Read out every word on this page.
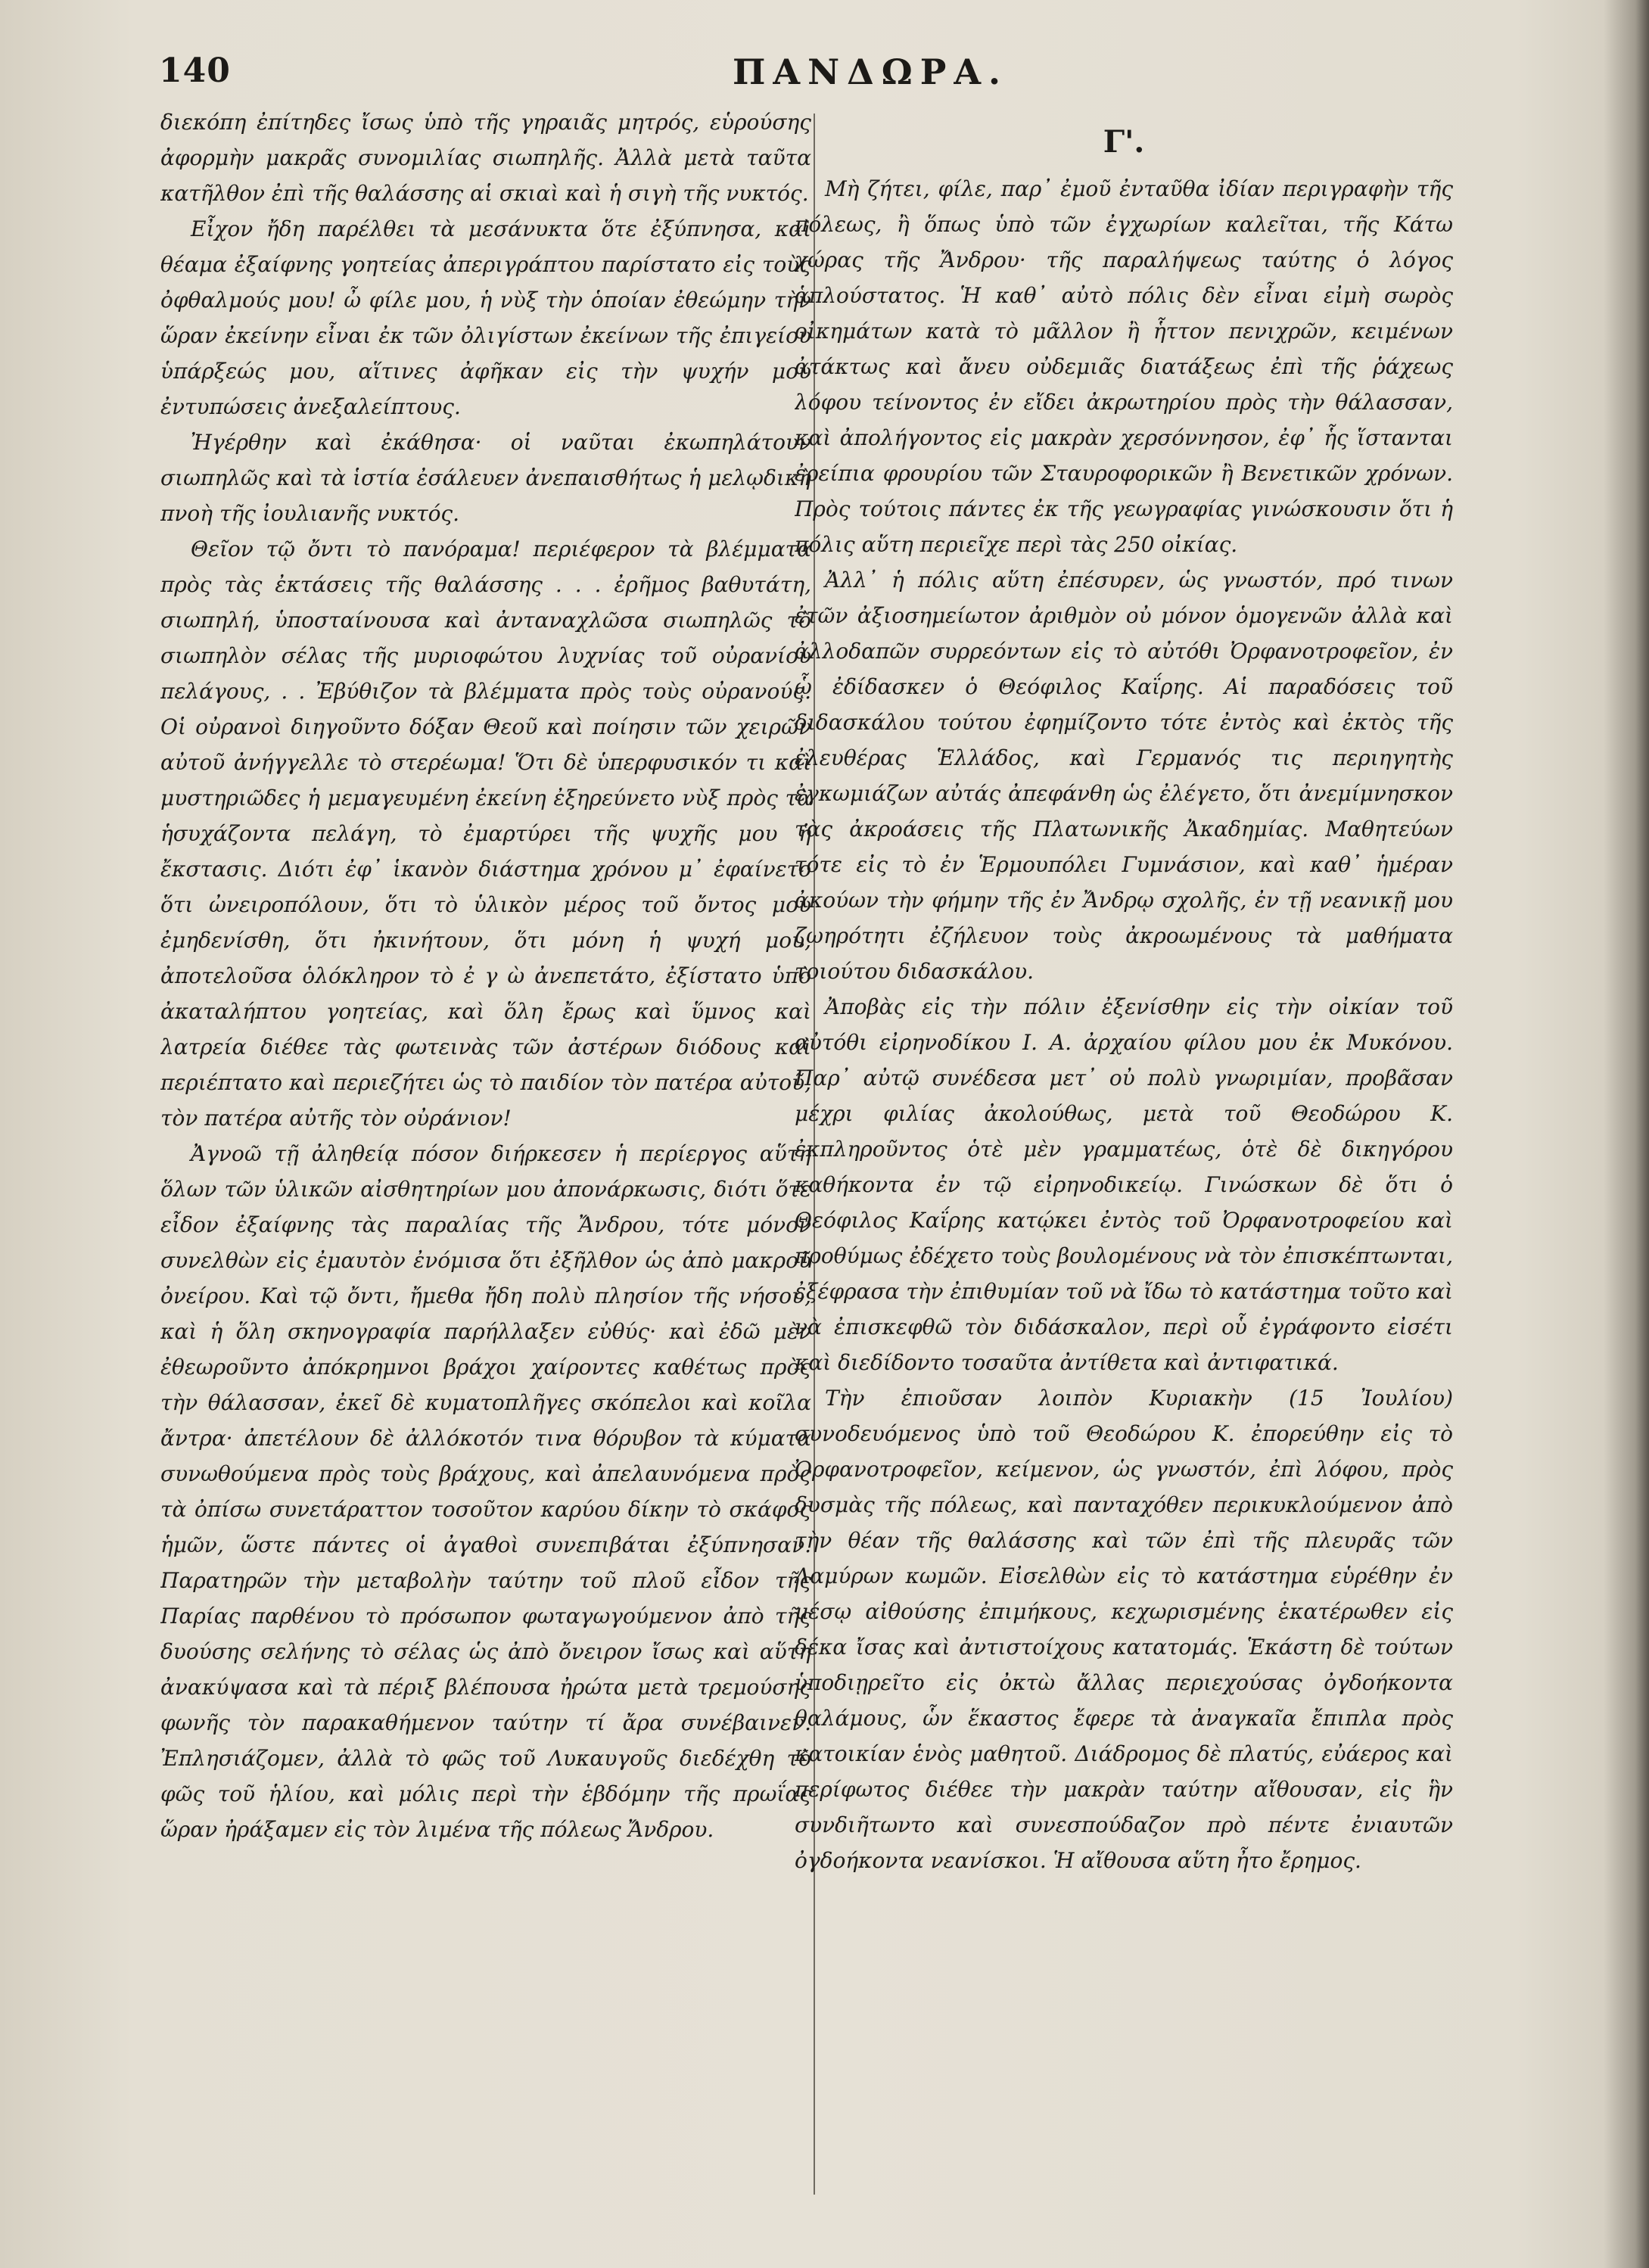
140	ΠΑΝΔΩΡΑ.

διεκόπη ἐπίτηδες ἴσως ὑπὸ τῆς γηραιᾶς μητρός, εὑρούσης ἀφορμὴν μακρᾶς συνομιλίας σιωπηλῆς. Ἀλλὰ μετὰ ταῦτα κατῆλθον ἐπὶ τῆς θαλάσσης αἱ σκιαὶ καὶ ἡ σιγὴ τῆς νυκτός.

Εἶχον ἤδη παρέλθει τὰ μεσάνυκτα ὅτε ἐξύπνησα, καὶ θέαμα ἐξαίφνης γοητείας ἀπεριγράπτου παρίστατο εἰς τοὺς ὀφθαλμούς μου! ὦ φίλε μου, ἡ νὺξ τὴν ὁποίαν ἐθεώμην τὴν ὥραν ἐκείνην εἶναι ἐκ τῶν ὀλιγίστων ἐκείνων τῆς ἐπιγείου ὑπάρξεώς μου, αἵτινες ἀφῆκαν εἰς τὴν ψυχήν μου ἐντυπώσεις ἀνεξαλείπτους.

Ἠγέρθην καὶ ἐκάθησα· οἱ ναῦται ἐκωπηλάτουν σιωπηλῶς καὶ τὰ ἱστία ἐσάλευεν ἀνεπαισθήτως ἡ μελῳδικὴ πνοὴ τῆς ἰουλιανῆς νυκτός.

Θεῖον τῷ ὄντι τὸ πανόραμα! περιέφερον τὰ βλέμματα πρὸς τὰς ἐκτάσεις τῆς θαλάσσης . . . ἐρῆμος βαθυτάτη, σιωπηλή, ὑποσταίνουσα καὶ ἀνταναχλῶσα σιωπηλῶς τὸ σιωπηλὸν σέλας τῆς μυριοφώτου λυχνίας τοῦ οὐρανίου πελάγους, . . Ἐβύθιζον τὰ βλέμματα πρὸς τοὺς οὐρανούς. Οἱ οὐρανοὶ διηγοῦντο δόξαν Θεοῦ καὶ ποίησιν τῶν χειρῶν αὐτοῦ ἀνήγγελλε τὸ στερέωμα! Ὅτι δὲ ὑπερφυσικόν τι καὶ μυστηριῶδες ἡ μεμαγευμένη ἐκείνη ἐξηρεύνετο νὺξ πρὸς τὰ ἡσυχάζοντα πελάγη, τὸ ἐμαρτύρει τῆς ψυχῆς μου ἡ ἔκστασις. Διότι ἐφ᾽ ἱκανὸν διάστημα χρόνου μ᾽ ἐφαίνετο ὅτι ὠνειροπόλουν, ὅτι τὸ ὑλικὸν μέρος τοῦ ὄντος μου ἐμηδενίσθη, ὅτι ἠκινήτουν, ὅτι μόνη ἡ ψυχή μου, ἀποτελοῦσα ὁλόκληρον τὸ ἐ γ ὼ ἀνεπετάτο, ἐξίστατο ὑπὸ ἀκαταλήπτου γοητείας, καὶ ὅλη ἔρως καὶ ὕμνος καὶ λατρεία διέθεε τὰς φωτεινὰς τῶν ἀστέρων διόδους καὶ περιέπτατο καὶ περιεζήτει ὡς τὸ παιδίον τὸν πατέρα αὐτοῦ, τὸν πατέρα αὐτῆς τὸν οὐράνιον!

Ἀγνοῶ τῇ ἀληθείᾳ πόσον διήρκεσεν ἡ περίεργος αὕτη ὅλων τῶν ὑλικῶν αἰσθητηρίων μου ἀπονάρκωσις, διότι ὅτε εἶδον ἐξαίφνης τὰς παραλίας τῆς Ἄνδρου, τότε μόνον συνελθὼν εἰς ἐμαυτὸν ἐνόμισα ὅτι ἐξῆλθον ὡς ἀπὸ μακροῦ ὀνείρου. Καὶ τῷ ὄντι, ἤμεθα ἤδη πολὺ πλησίον τῆς νήσου, καὶ ἡ ὅλη σκηνογραφία παρήλλαξεν εὐθύς· καὶ ἐδῶ μὲν ἐθεωροῦντο ἀπόκρημνοι βράχοι χαίροντες καθέτως πρὸς τὴν θάλασσαν, ἐκεῖ δὲ κυματοπλῆγες σκόπελοι καὶ κοῖλα ἄντρα· ἀπετέλουν δὲ ἀλλόκοτόν τινα θόρυβον τὰ κύματα συνωθούμενα πρὸς τοὺς βράχους, καὶ ἀπελαυνόμενα πρὸς τὰ ὀπίσω συνετάραττον τοσοῦτον καρύου δίκην τὸ σκάφος ἡμῶν, ὥστε πάντες οἱ ἀγαθοὶ συνεπιβάται ἐξύπνησαν. Παρατηρῶν τὴν μεταβολὴν ταύτην τοῦ πλοῦ εἶδον τῆς Παρίας παρθένου τὸ πρόσωπον φωταγωγούμενον ἀπὸ τῆς δυούσης σελήνης τὸ σέλας ὡς ἀπὸ ὄνειρον ἴσως καὶ αὕτη ἀνακύψασα καὶ τὰ πέριξ βλέπουσα ἠρώτα μετὰ τρεμούσης φωνῆς τὸν παρακαθήμενον ταύτην τί ἄρα συνέβαινεν. Ἐπλησιάζομεν, ἀλλὰ τὸ φῶς τοῦ Λυκαυγοῦς διεδέχθη τὸ φῶς τοῦ ἡλίου, καὶ μόλις περὶ τὴν ἑβδόμην τῆς πρωΐας ὥραν ἠράξαμεν εἰς τὸν λιμένα τῆς πόλεως Ἄνδρου.

Γ'.

Μὴ ζήτει, φίλε, παρ᾽ ἐμοῦ ἐνταῦθα ἰδίαν περιγραφὴν τῆς πόλεως, ἢ ὅπως ὑπὸ τῶν ἐγχωρίων καλεῖται, τῆς Κάτω χώρας τῆς Ἄνδρου· τῆς παραλήψεως ταύτης ὁ λόγος ἁπλούστατος. Ἡ καθ᾽ αὐτὸ πόλις δὲν εἶναι εἰμὴ σωρὸς οἰκημάτων κατὰ τὸ μᾶλλον ἢ ἧττον πενιχρῶν, κειμένων ἀτάκτως καὶ ἄνευ οὐδεμιᾶς διατάξεως ἐπὶ τῆς ῥάχεως λόφου τείνοντος ἐν εἴδει ἀκρωτηρίου πρὸς τὴν θάλασσαν, καὶ ἀπολήγοντος εἰς μακρὰν χερσόννησον, ἐφ᾽ ἧς ἵστανται ἐρείπια φρουρίου τῶν Σταυροφορικῶν ἢ Βενετικῶν χρόνων. Πρὸς τούτοις πάντες ἐκ τῆς γεωγραφίας γινώσκουσιν ὅτι ἡ πόλις αὕτη περιεῖχε περὶ τὰς 250 οἰκίας.

Ἀλλ᾽ ἡ πόλις αὕτη ἐπέσυρεν, ὡς γνωστόν, πρό τινων ἐτῶν ἀξιοσημείωτον ἀριθμὸν οὐ μόνον ὁμογενῶν ἀλλὰ καὶ ἀλλοδαπῶν συρρεόντων εἰς τὸ αὐτόθι Ὀρφανοτροφεῖον, ἐν ᾧ ἐδίδασκεν ὁ Θεόφιλος Καΐρης. Αἱ παραδόσεις τοῦ διδασκάλου τούτου ἐφημίζοντο τότε ἐντὸς καὶ ἐκτὸς τῆς ἐλευθέρας Ἑλλάδος, καὶ Γερμανός τις περιηγητὴς ἐγκωμιάζων αὐτάς ἀπεφάνθη ὡς ἐλέγετο, ὅτι ἀνεμίμνησκον τὰς ἀκροάσεις τῆς Πλατωνικῆς Ἀκαδημίας. Μαθητεύων τότε εἰς τὸ ἐν Ἑρμουπόλει Γυμνάσιον, καὶ καθ᾽ ἡμέραν ἀκούων τὴν φήμην τῆς ἐν Ἄνδρῳ σχολῆς, ἐν τῇ νεανικῇ μου ζωηρότητι ἐζήλευον τοὺς ἀκροωμένους τὰ μαθήματα τοιούτου διδασκάλου.

Ἀποβὰς εἰς τὴν πόλιν ἐξενίσθην εἰς τὴν οἰκίαν τοῦ αὐτόθι εἰρηνοδίκου Ι. Α. ἀρχαίου φίλου μου ἐκ Μυκόνου. Παρ᾽ αὐτῷ συνέδεσα μετ᾽ οὐ πολὺ γνωριμίαν, προβᾶσαν μέχρι φιλίας ἀκολούθως, μετὰ τοῦ Θεοδώρου Κ. ἐκπληροῦντος ὁτὲ μὲν γραμματέως, ὁτὲ δὲ δικηγόρου καθήκοντα ἐν τῷ εἰρηνοδικείῳ. Γινώσκων δὲ ὅτι ὁ Θεόφιλος Καΐρης κατῴκει ἐντὸς τοῦ Ὀρφανοτροφείου καὶ προθύμως ἐδέχετο τοὺς βουλομένους νὰ τὸν ἐπισκέπτωνται, ἐξέφρασα τὴν ἐπιθυμίαν τοῦ νὰ ἴδω τὸ κατάστημα τοῦτο καὶ νὰ ἐπισκεφθῶ τὸν διδάσκαλον, περὶ οὗ ἐγράφοντο εἰσέτι καὶ διεδίδοντο τοσαῦτα ἀντίθετα καὶ ἀντιφατικά.

Τὴν ἐπιοῦσαν λοιπὸν Κυριακὴν (15 Ἰουλίου) συνοδευόμενος ὑπὸ τοῦ Θεοδώρου Κ. ἐπορεύθην εἰς τὸ Ὀρφανοτροφεῖον, κείμενον, ὡς γνωστόν, ἐπὶ λόφου, πρὸς δυσμὰς τῆς πόλεως, καὶ πανταχόθεν περικυκλούμενον ἀπὸ τὴν θέαν τῆς θαλάσσης καὶ τῶν ἐπὶ τῆς πλευρᾶς τῶν Λαμύρων κωμῶν. Εἰσελθὼν εἰς τὸ κατάστημα εὑρέθην ἐν μέσῳ αἰθούσης ἐπιμήκους, κεχωρισμένης ἑκατέρωθεν εἰς δέκα ἴσας καὶ ἀντιστοίχους κατατομάς. Ἑκάστη δὲ τούτων ὑποδιῃρεῖτο εἰς ὀκτὼ ἄλλας περιεχούσας ὀγδοήκοντα θαλάμους, ὧν ἕκαστος ἔφερε τὰ ἀναγκαῖα ἔπιπλα πρὸς κατοικίαν ἑνὸς μαθητοῦ. Διάδρομος δὲ πλατύς, εὐάερος καὶ περίφωτος διέθεε τὴν μακρὰν ταύτην αἴθουσαν, εἰς ἣν συνδιῆτωντο καὶ συνεσπούδαζον πρὸ πέντε ἐνιαυτῶν ὀγδοήκοντα νεανίσκοι. Ἡ αἴθουσα αὕτη ἦτο ἔρημος.
